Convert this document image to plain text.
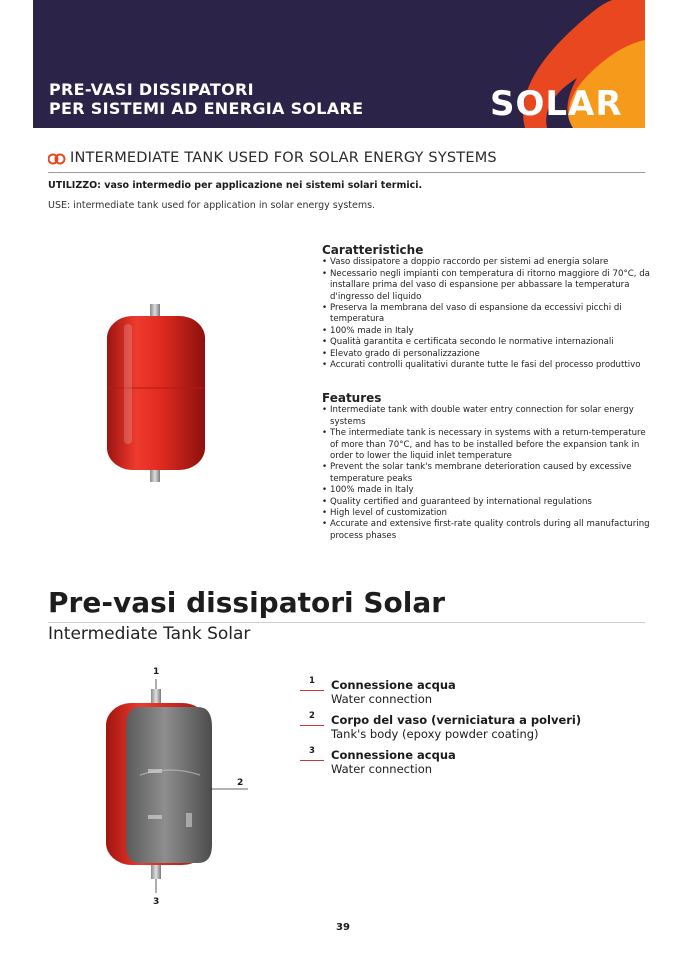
PRE-VASI DISSIPATORI
PER SISTEMI AD ENERGIA SOLARE	SOLAR
INTERMEDIATE TANK USED FOR SOLAR ENERGY SYSTEMS
UTILIZZO: vaso intermedio per applicazione nei sistemi solari termici.
USE: intermediate tank used for application in solar energy systems.
Caratteristiche
• Vaso dissipatore a doppio raccordo per sistemi ad energia solare
• Necessario negli impianti con temperatura di ritorno maggiore di 70°C, da installare prima del vaso di espansione per abbassare la temperatura d'ingresso del liquido
• Preserva la membrana del vaso di espansione da eccessivi picchi di temperatura
• 100% made in Italy
• Qualità garantita e certificata secondo le normative internazionali
• Elevato grado di personalizzazione
• Accurati controlli qualitativi durante tutte le fasi del processo produttivo
Features
• Intermediate tank with double water entry connection for solar energy systems
• The intermediate tank is necessary in systems with a return-temperature of more than 70°C, and has to be installed before the expansion tank in order to lower the liquid inlet temperature
• Prevent the solar tank's membrane deterioration caused by excessive temperature peaks
• 100% made in Italy
• Quality certified and guaranteed by international regulations
• High level of customization
• Accurate and extensive first-rate quality controls during all manufacturing process phases
Pre-vasi dissipatori Solar
Intermediate Tank Solar
1
2
3
1 Connessione acqua
Water connection
2 Corpo del vaso (verniciatura a polveri)
Tank's body (epoxy powder coating)
3 Connessione acqua
Water connection
39
